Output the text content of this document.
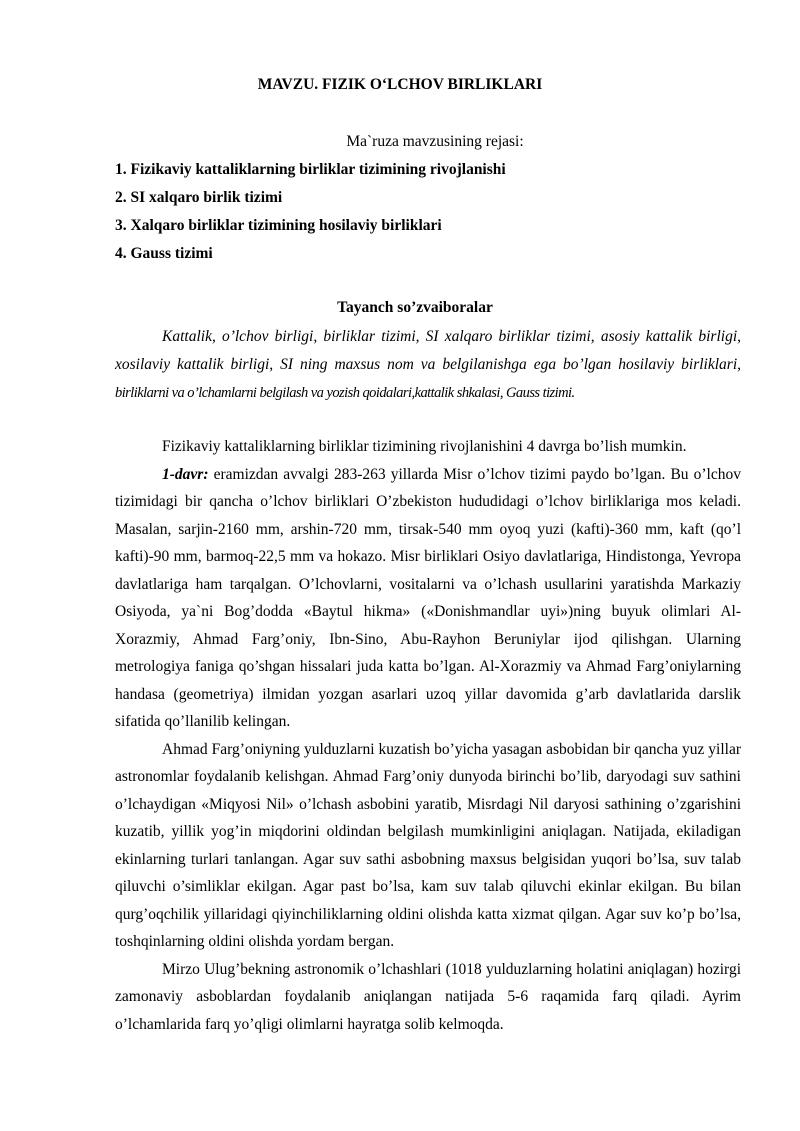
MAVZU. FIZIK O‘LCHOV BIRLIKLARI
Ma`ruza mavzusining rejasi:
1. Fizikaviy kattaliklarning birliklar tizimining rivojlanishi
2. SI xalqaro birlik tizimi
3. Xalqaro birliklar tizimining hosilaviy birliklari
4. Gauss tizimi
Tayanch so’zvaiboralar

Kattalik, o’lchov birligi, birliklar tizimi, SI xalqaro birliklar tizimi, asosiy kattalik birligi, xosilaviy kattalik birligi, SI ning maxsus nom va belgilanishga ega bo’lgan hosilaviy birliklari, birliklarni va o’lchamlarni belgilash va yozish qoidalari,kattalik shkalasi, Gauss tizimi.

Fizikaviy kattaliklarning birliklar tizimining rivojlanishini 4 davrga bo’lish mumkin.

1-davr: eramizdan avvalgi 283-263 yillarda Misr o’lchov tizimi paydo bo’lgan. Bu o’lchov tizimidagi bir qancha o’lchov birliklari O’zbekiston hududidagi o’lchov birliklariga mos keladi. Masalan, sarjin-2160 mm, arshin-720 mm, tirsak-540 mm oyoq yuzi (kafti)-360 mm, kaft (qo’l kafti)-90 mm, barmoq-22,5 mm va hokazo. Misr birliklari Osiyo davlatlariga, Hindistonga, Yevropa davlatlariga ham tarqalgan. O’lchovlarni, vositalarni va o’lchash usullarini yaratishda Markaziy Osiyoda, ya`ni Bog’dodda «Baytul hikma» («Donishmandlar uyi»)ning buyuk olimlari Al-Xorazmiy, Ahmad Farg’oniy, Ibn-Sino, Abu-Rayhon Beruniylar ijod qilishgan. Ularning metrologiya faniga qo’shgan hissalari juda katta bo’lgan. Al-Xorazmiy va Ahmad Farg’oniylarning handasa (geometriya) ilmidan yozgan asarlari uzoq yillar davomida g’arb davlatlarida darslik sifatida qo’llanilib kelingan.

Ahmad Farg’oniyning yulduzlarni kuzatish bo’yicha yasagan asbobidan bir qancha yuz yillar astronomlar foydalanib kelishgan. Ahmad Farg’oniy dunyoda birinchi bo’lib, daryodagi suv sathini o’lchaydigan «Miqyosi Nil» o’lchash asbobini yaratib, Misrdagi Nil daryosi sathining o’zgarishini kuzatib, yillik yog’in miqdorini oldindan belgilash mumkinligini aniqlagan. Natijada, ekiladigan ekinlarning turlari tanlangan. Agar suv sathi asbobning maxsus belgisidan yuqori bo’lsa, suv talab qiluvchi o’simliklar ekilgan. Agar past bo’lsa, kam suv talab qiluvchi ekinlar ekilgan. Bu bilan qurg’oqchilik yillaridagi qiyinchiliklarning oldini olishda katta xizmat qilgan. Agar suv ko’p bo’lsa, toshqinlarning oldini olishda yordam bergan.

Mirzo Ulug’bekning astronomik o’lchashlari (1018 yulduzlarning holatini aniqlagan) hozirgi zamonaviy asboblardan foydalanib aniqlangan natijada 5-6 raqamida farq qiladi. Ayrim o’lchamlarida farq yo’qligi olimlarni hayratga solib kelmoqda.
